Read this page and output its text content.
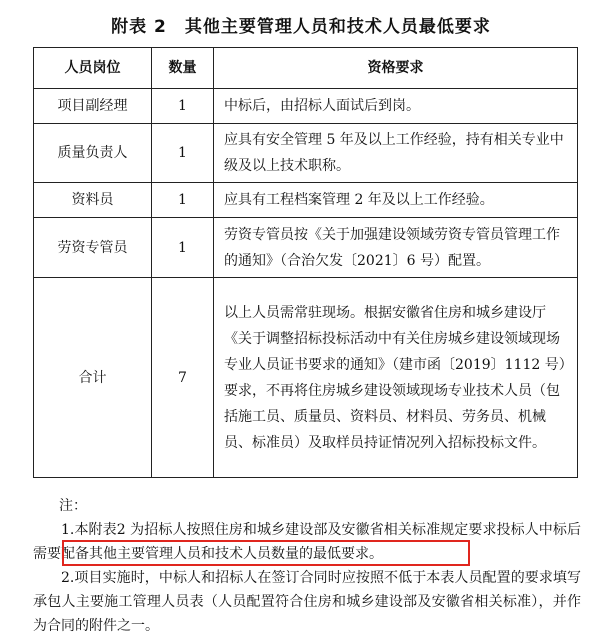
附表 2　其他主要管理人员和技术人员最低要求
人员岗位	数量	资格要求
项目副经理	1	中标后，由招标人面试后到岗。
质量负责人	1	应具有安全管理 5 年及以上工作经验，持有相关专业中级及以上技术职称。
资料员	1	应具有工程档案管理 2 年及以上工作经验。
劳资专管员	1	劳资专管员按《关于加强建设领域劳资专管员管理工作的通知》（合治欠发〔2021〕6 号）配置。
合计	7	以上人员需常驻现场。根据安徽省住房和城乡建设厅《关于调整招标投标活动中有关住房城乡建设领域现场专业人员证书要求的通知》（建市函〔2019〕1112 号）要求，不再将住房城乡建设领域现场专业技术人员（包括施工员、质量员、资料员、材料员、劳务员、机械员、标准员）及取样员持证情况列入招标投标文件。

注：

1.本附表2 为招标人按照住房和城乡建设部及安徽省相关标准规定要求投标人中标后需要配备其他主要管理人员和技术人员数量的最低要求。

2.项目实施时，中标人和招标人在签订合同时应按照不低于本表人员配置的要求填写承包人主要施工管理人员表（人员配置符合住房和城乡建设部及安徽省相关标准），并作为合同的附件之一。
